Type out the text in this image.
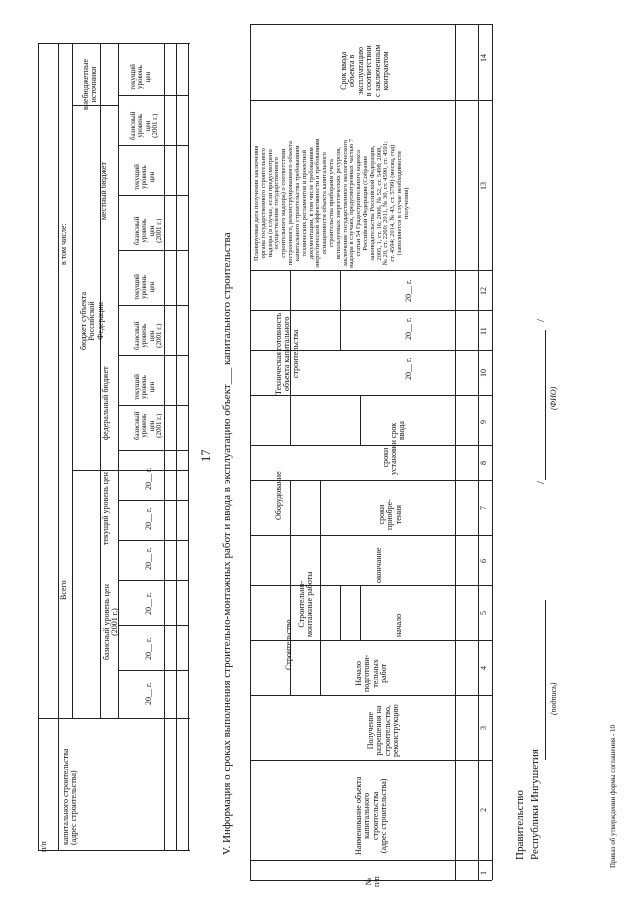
п/п
капитального строительства
(адрес строительства)
Всего
базисный уровень цен
(2001 г.)
текущий уровень цен
в том числе:
федеральный бюджет
бюджет субъекта
Российской
Федерации
местный бюджет
внебюджетные
источники
20__ г.
20__ г.
20__ г.
20__ г.
20__ г.
20__ г.
базисный
уровень
цен
(2001 г.)
текущий
уровень
цен
базисный
уровень
цен
(2001 г.)
текущий
уровень
цен
базисный
уровень
цен
(2001 г.)
текущий
уровень
цен
базисный
уровень
цен
(2001 г.)
текущий
уровень
цен
17 V. Информация о сроках выполнения строительно-монтажных работ и ввода в эксплуатацию объект___ капитального строительства
№
п/п
Наименование объекта
капитального
строительства
(адрес строительства)
Получение
разрешения на
строительство,
реконструкцию
Строительство
Начало
подготови-
тельных
работ
Строительно-
монтажные работы
начало
окончание
Оборудование	сроки
приобре-
тения
сроки
установки
срок
ввода
Техническая готовность
объекта капитального
строительства	20__ г.
20__ г.
20__ г.
Планируемая дата получения заключения
органа государственного строительного
надзора (в случае, если предусмотрено
осуществление государственного
строительного надзора) о соответствии
построенного, реконструированного объекта
капитального строительства требованиям
технических регламентов и проектной
документации, в том числе требованиям
энергетической эффективности и требованиям
оснащенности объекта капитального
строительства приборами учета
используемых энергетических ресурсов,
заключение государственного экологического
надзора в случаях, предусмотренных частью 7
статьи 54 Градостроительного кодекса
Российской Федерации (Собрание
законодательства Российской Федерации,
2005, 1, ст. 16; 2006, № 52, ст. 5498; 2008,
№ 20, ст. 2260; 2011, № 30, ст. 4590, ст. 4591;
ст. 4594; 2014, № 43, ст. 5799) (месяц, год)
(заполняется в случае необходимости
получения)
Срок ввода
объекта в
эксплуатацию
в соответствии
с заключенным
контрактом
1
2
3
4
5
6
7
8
9
10
11
12
13
14
Правительство Республики Ингушетия
(подпись)
/
/
(ФИО)
Приказ об утверждении формы соглашения - 10
